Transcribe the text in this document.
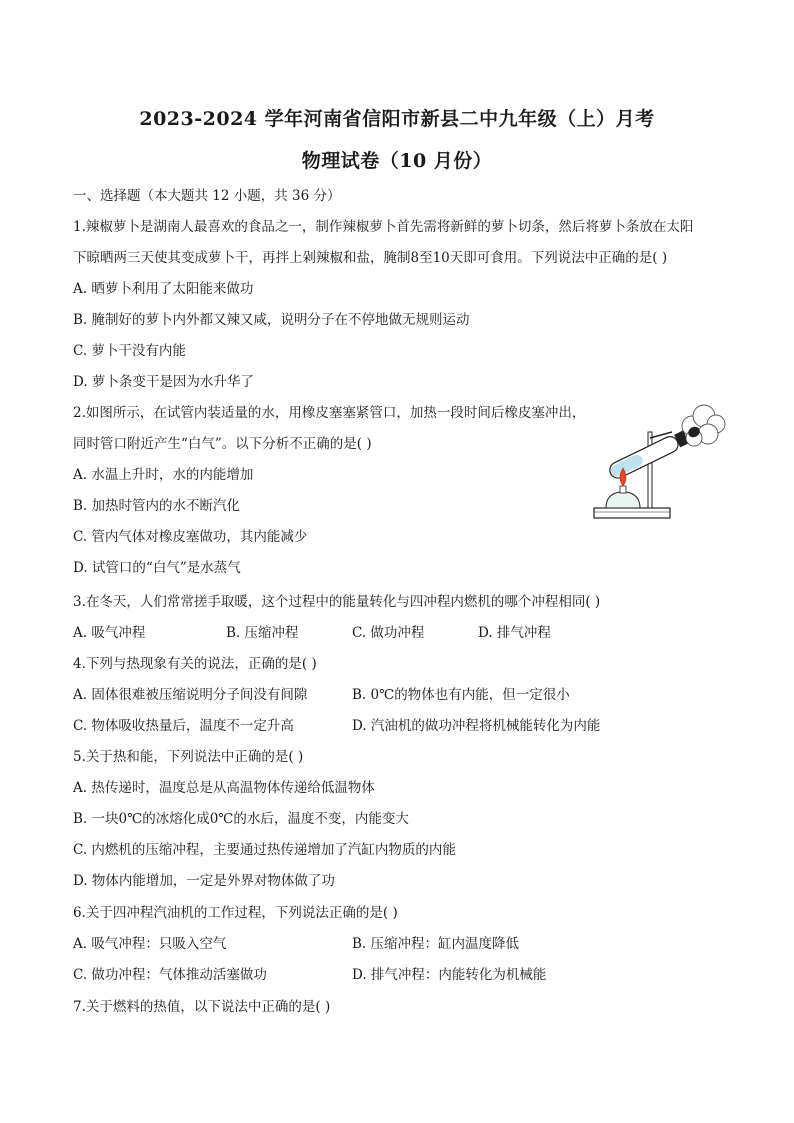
2023-2024 学年河南省信阳市新县二中九年级（上）月考
物理试卷（10 月份）
一、选择题（本大题共 12 小题，共 36 分）
1.辣椒萝卜是湖南人最喜欢的食品之一，制作辣椒萝卜首先需将新鲜的萝卜切条，然后将萝卜条放在太阳
下晾晒两三天使其变成萝卜干，再拌上剁辣椒和盐，腌制8至10天即可食用。下列说法中正确的是( )
A. 晒萝卜利用了太阳能来做功
B. 腌制好的萝卜内外都又辣又咸，说明分子在不停地做无规则运动
C. 萝卜干没有内能
D. 萝卜条变干是因为水升华了
2.如图所示，在试管内装适量的水，用橡皮塞塞紧管口，加热一段时间后橡皮塞冲出，
同时管口附近产生“白气”。以下分析不正确的是( )
A. 水温上升时，水的内能增加
B. 加热时管内的水不断汽化
C. 管内气体对橡皮塞做功，其内能减少
D. 试管口的“白气”是水蒸气
3.在冬天，人们常常搓手取暖，这个过程中的能量转化与四冲程内燃机的哪个冲程相同( )
A. 吸气冲程	B. 压缩冲程	C. 做功冲程	D. 排气冲程
4.下列与热现象有关的说法，正确的是( )
A. 固体很难被压缩说明分子间没有间隙	B. 0℃的物体也有内能，但一定很小
C. 物体吸收热量后，温度不一定升高	D. 汽油机的做功冲程将机械能转化为内能
5.关于热和能，下列说法中正确的是( )
A. 热传递时，温度总是从高温物体传递给低温物体
B. 一块0℃的冰熔化成0℃的水后，温度不变，内能变大
C. 内燃机的压缩冲程，主要通过热传递增加了汽缸内物质的内能
D. 物体内能增加，一定是外界对物体做了功
6.关于四冲程汽油机的工作过程，下列说法正确的是( )
A. 吸气冲程：只吸入空气	B. 压缩冲程：缸内温度降低
C. 做功冲程：气体推动活塞做功	D. 排气冲程：内能转化为机械能
7.关于燃料的热值，以下说法中正确的是( )
